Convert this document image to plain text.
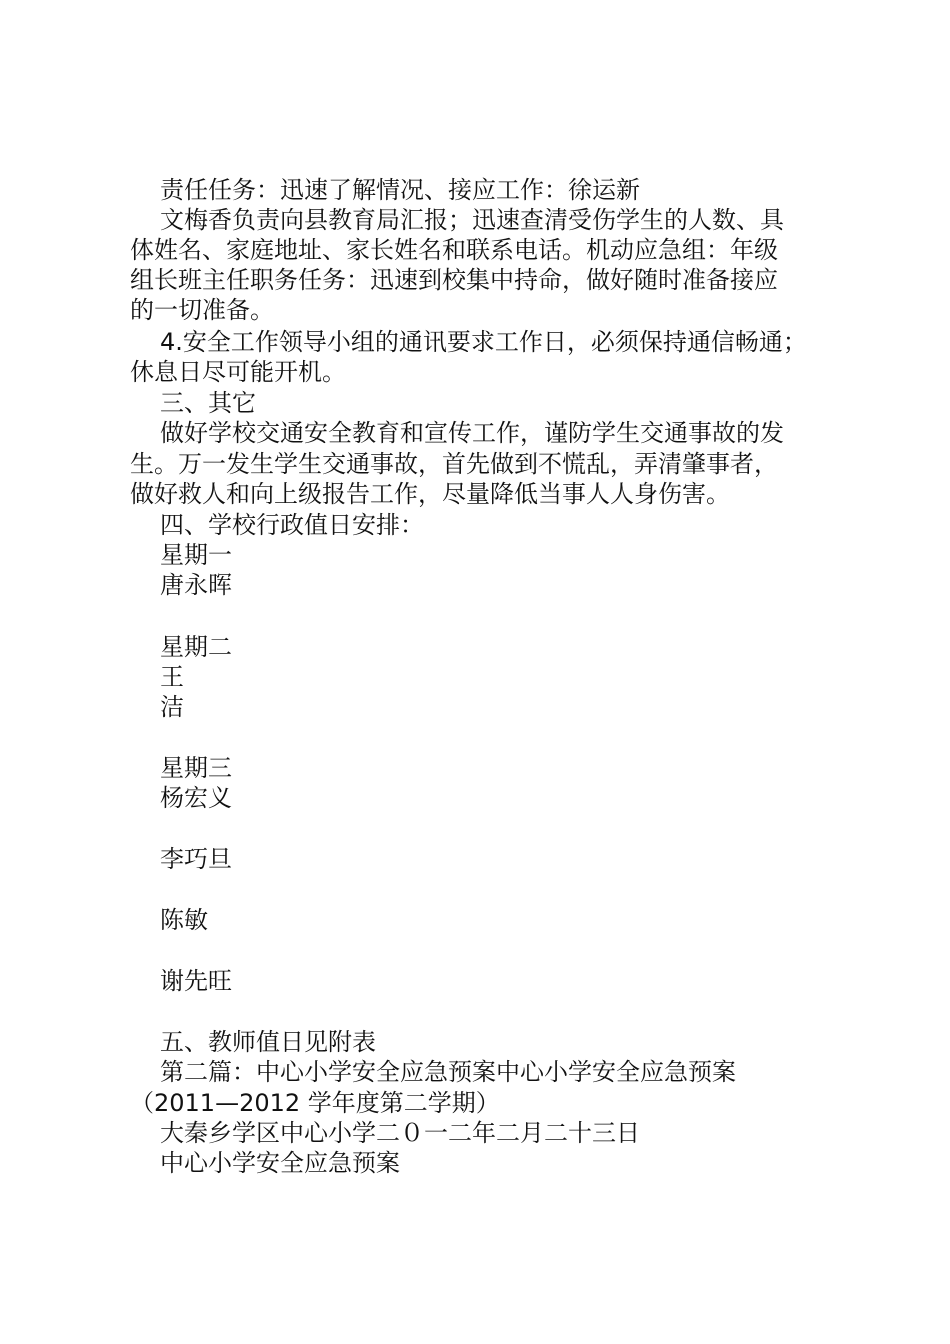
责任任务：迅速了解情况、接应工作：徐运新
文梅香负责向县教育局汇报；迅速查清受伤学生的人数、具
体姓名、家庭地址、家长姓名和联系电话。机动应急组：年级
组长班主任职务任务：迅速到校集中持命，做好随时准备接应
的一切准备。
4.安全工作领导小组的通讯要求工作日，必须保持通信畅通；
休息日尽可能开机。
三、其它
做好学校交通安全教育和宣传工作，谨防学生交通事故的发
生。万一发生学生交通事故，首先做到不慌乱，弄清肇事者，
做好救人和向上级报告工作，尽量降低当事人人身伤害。
四、学校行政值日安排：
星期一
唐永晖
星期二
王
洁
星期三
杨宏义
李巧旦
陈敏
谢先旺
五、教师值日见附表
第二篇：中心小学安全应急预案中心小学安全应急预案
（2011—2012 学年度第二学期）
大秦乡学区中心小学二０一二年二月二十三日
中心小学安全应急预案
